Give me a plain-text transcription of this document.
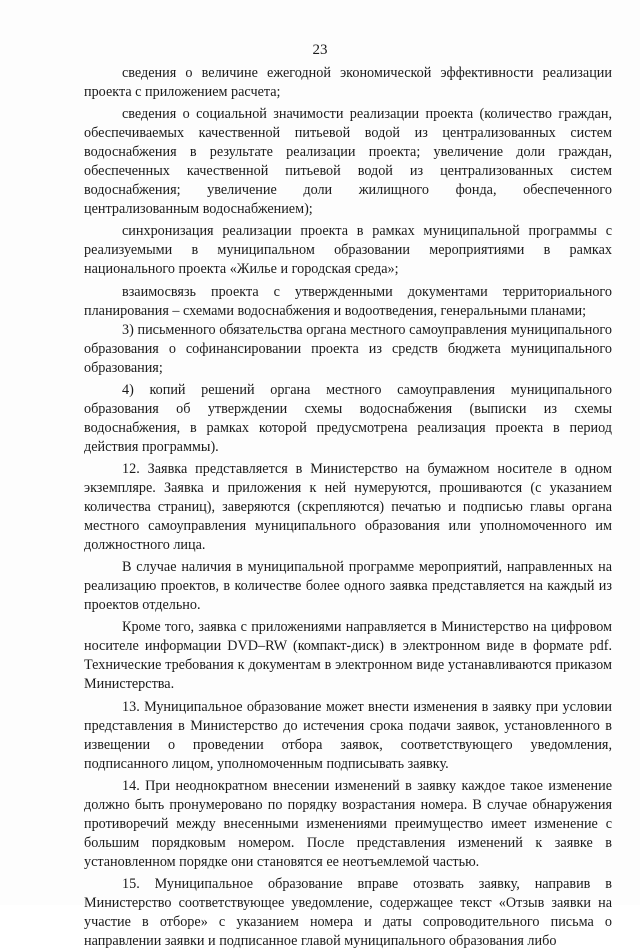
23

сведения о величине ежегодной экономической эффективности реализации проекта с приложением расчета;

сведения о социальной значимости реализации проекта (количество граждан, обеспечиваемых качественной питьевой водой из централизованных систем водоснабжения в результате реализации проекта; увеличение доли граждан, обеспеченных качественной питьевой водой из централизованных систем водоснабжения; увеличение доли жилищного фонда, обеспеченного централизованным водоснабжением);

синхронизация реализации проекта в рамках муниципальной программы с реализуемыми в муниципальном образовании мероприятиями в рамках национального проекта «Жилье и городская среда»;

взаимосвязь проекта с утвержденными документами территориального планирования – схемами водоснабжения и водоотведения, генеральными планами;

3) письменного обязательства органа местного самоуправления муниципального образования о софинансировании проекта из средств бюджета муниципального образования;

4) копий решений органа местного самоуправления муниципального образования об утверждении схемы водоснабжения (выписки из схемы водоснабжения, в рамках которой предусмотрена реализация проекта в период действия программы).

12. Заявка представляется в Министерство на бумажном носителе в одном экземпляре. Заявка и приложения к ней нумеруются, прошиваются (с указанием количества страниц), заверяются (скрепляются) печатью и подписью главы органа местного самоуправления муниципального образования или уполномоченного им должностного лица.

В случае наличия в муниципальной программе мероприятий, направленных на реализацию проектов, в количестве более одного заявка представляется на каждый из проектов отдельно.

Кроме того, заявка с приложениями направляется в Министерство на цифровом носителе информации DVD–RW (компакт-диск) в электронном виде в формате pdf. Технические требования к документам в электронном виде устанавливаются приказом Министерства.

13. Муниципальное образование может внести изменения в заявку при условии представления в Министерство до истечения срока подачи заявок, установленного в извещении о проведении отбора заявок, соответствующего уведомления, подписанного лицом, уполномоченным подписывать заявку.

14. При неоднократном внесении изменений в заявку каждое такое изменение должно быть пронумеровано по порядку возрастания номера. В случае обнаружения противоречий между внесенными изменениями преимущество имеет изменение с большим порядковым номером. После представления изменений к заявке в установленном порядке они становятся ее неотъемлемой частью.

15. Муниципальное образование вправе отозвать заявку, направив в Министерство соответствующее уведомление, содержащее текст «Отзыв заявки на участие в отборе» с указанием номера и даты сопроводительного письма о направлении заявки и подписанное главой муниципального образования либо
